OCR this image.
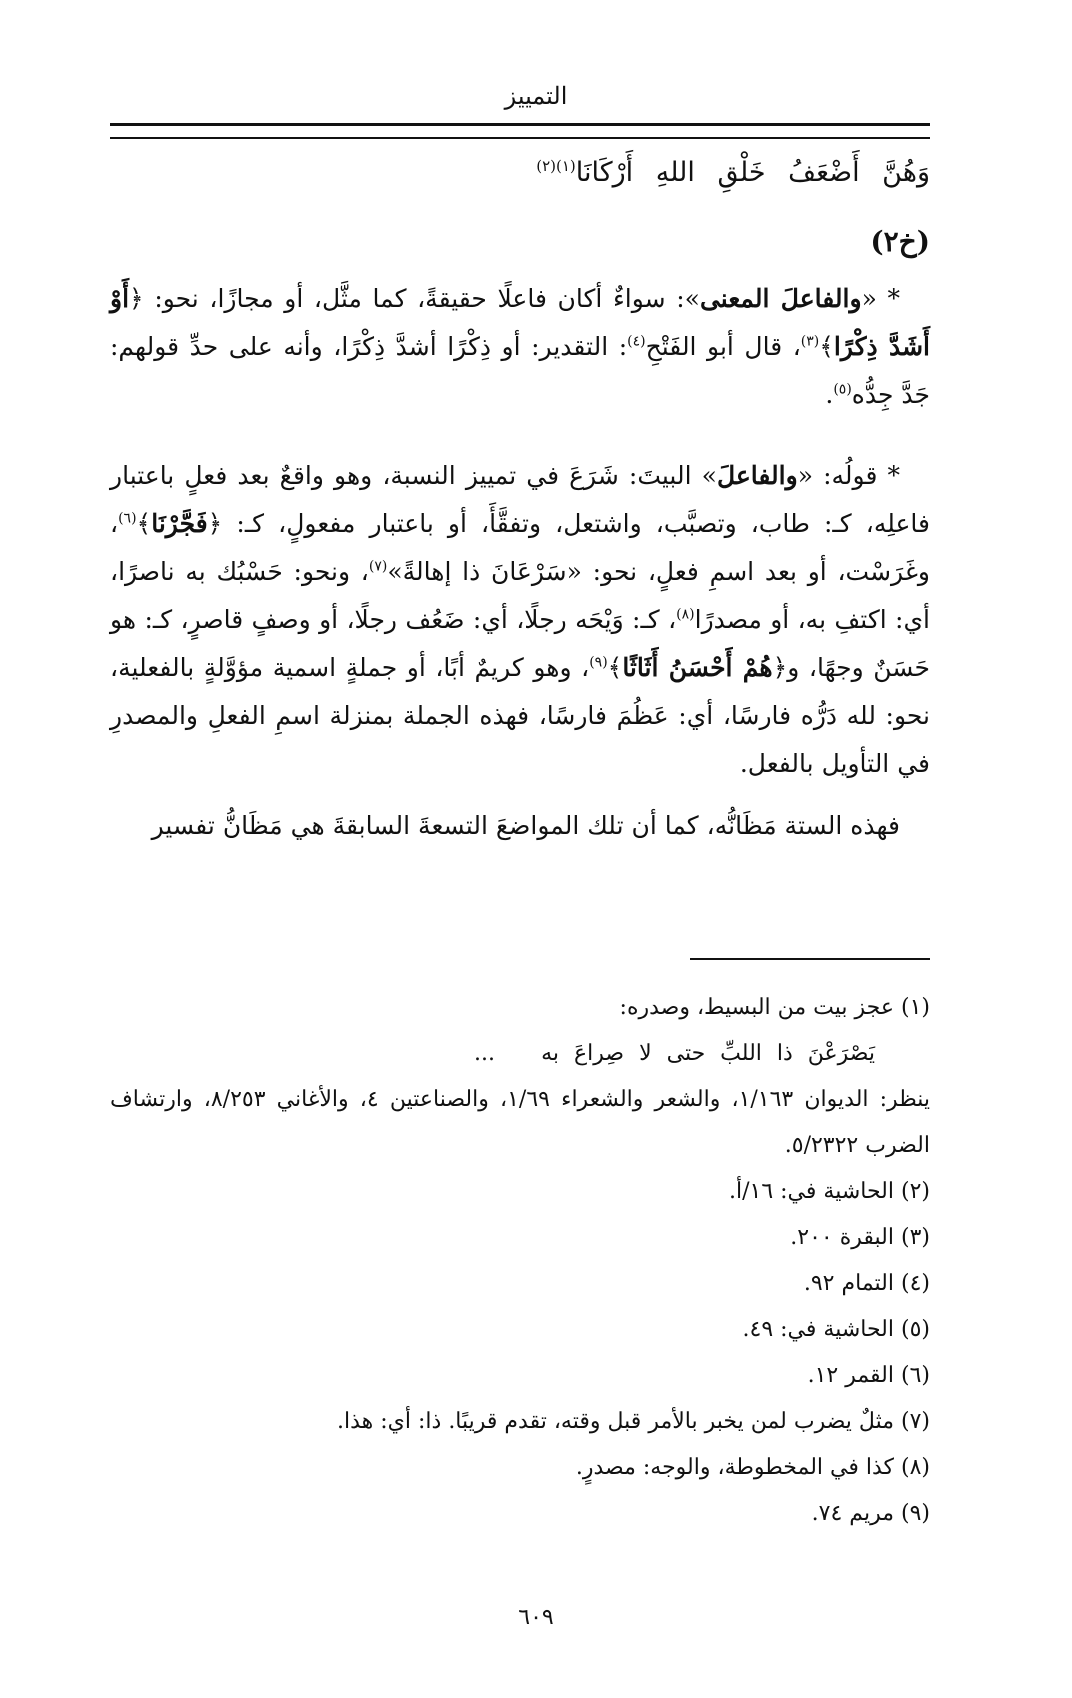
التمييز
وَهُنَّ أَضْعَفُ خَلْقِ اللهِ أَرْكَانَا$^{(١)(٢)}$
(خ٢)

* «والفاعلَ المعنى»: سواءٌ أكان فاعلًا حقيقةً، كما مثَّل، أو مجازًا، نحو: ﴿أَوْ أَشَدَّ ذِكْرًا﴾$^{(٣)}$، قال أبو الفَتْحِ$^{(٤)}$: التقدير: أو ذِكْرًا أشدَّ ذِكْرًا، وأنه على حدِّ قولهم: جَدَّ جِدُّه$^{(٥)}$.

* قولُه: «والفاعلَ» البيتَ: شَرَعَ في تمييز النسبة، وهو واقعٌ بعد فعلٍ باعتبار فاعلِه، كـ: طاب، وتصبَّب، واشتعل، وتفقَّأَ، أو باعتبار مفعولٍ، كـ: ﴿فَجَّرْنَا﴾$^{(٦)}$، وغَرَسْت، أو بعد اسمِ فعلٍ، نحو: «سَرْعَانَ ذا إهالةً»$^{(٧)}$، ونحو: حَسْبُك به ناصرًا، أي: اكتفِ به، أو مصدرًا$^{(٨)}$، كـ: وَيْحَه رجلًا، أي: ضَعُف رجلًا، أو وصفٍ قاصرٍ، كـ: هو حَسَنٌ وجهًا، و﴿هُمْ أَحْسَنُ أَثَاثًا﴾$^{(٩)}$، وهو كريمٌ أبًا، أو جملةٍ اسمية مؤوَّلةٍ بالفعلية، نحو: لله دَرُّه فارسًا، أي: عَظُمَ فارسًا، فهذه الجملة بمنزلة اسمِ الفعلِ والمصدرِ في التأويل بالفعل.

فهذه الستة مَظَانُّه، كما أن تلك المواضعَ التسعةَ السابقةَ هي مَظَانُّ تفسير

(١) عجز بيت من البسيط، وصدره:
يَصْرَعْنَ ذا اللبِّ حتى لا صِراعَ به
...
ينظر: الديوان ١/١٦٣، والشعر والشعراء ١/٦٩، والصناعتين ٤، والأغاني ٨/٢٥٣، وارتشاف الضرب ٥/٢٣٢٢.
(٢) الحاشية في: ١٦/أ.
(٣) البقرة ٢٠٠.
(٤) التمام ٩٢.
(٥) الحاشية في: ٤٩.
(٦) القمر ١٢.
(٧) مثلٌ يضرب لمن يخبر بالأمر قبل وقته، تقدم قريبًا. ذا: أي: هذا.
(٨) كذا في المخطوطة، والوجه: مصدرٍ.
(٩) مريم ٧٤.
٦٠٩
